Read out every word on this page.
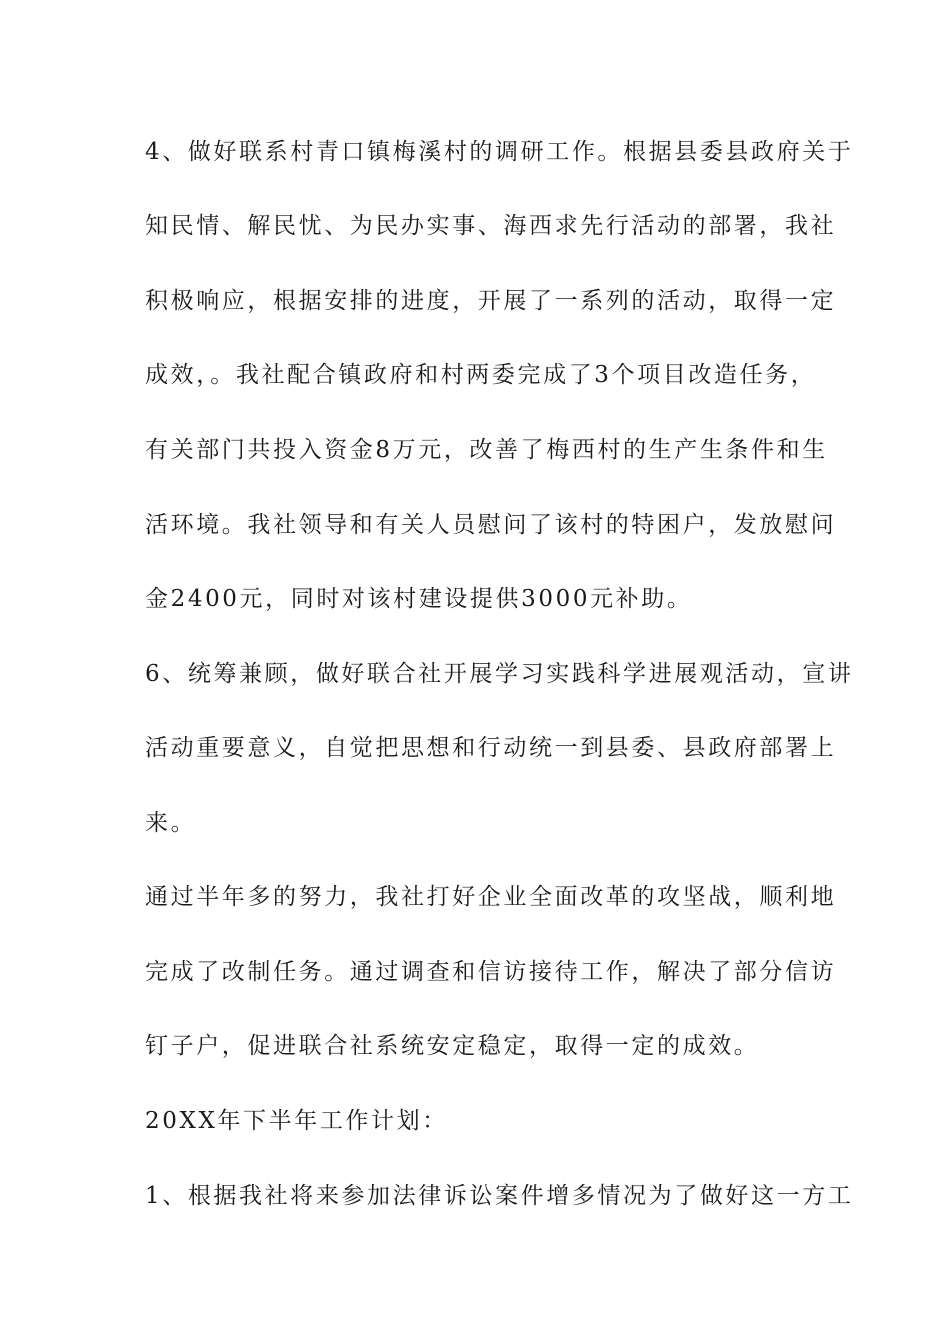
4、做好联系村青口镇梅溪村的调研工作。根据县委县政府关于
知民情、解民忧、为民办实事、海西求先行活动的部署，我社
积极响应，根据安排的进度，开展了一系列的活动，取得一定
成效，。我社配合镇政府和村两委完成了3个项目改造任务，
有关部门共投入资金8万元，改善了梅西村的生产生条件和生
活环境。我社领导和有关人员慰问了该村的特困户，发放慰问
金2400元，同时对该村建设提供3000元补助。
6、统筹兼顾，做好联合社开展学习实践科学进展观活动，宣讲
活动重要意义，自觉把思想和行动统一到县委、县政府部署上
来。
通过半年多的努力，我社打好企业全面改革的攻坚战，顺利地
完成了改制任务。通过调查和信访接待工作，解决了部分信访
钉子户，促进联合社系统安定稳定，取得一定的成效。
20XX年下半年工作计划：
1、根据我社将来参加法律诉讼案件增多情况为了做好这一方工
